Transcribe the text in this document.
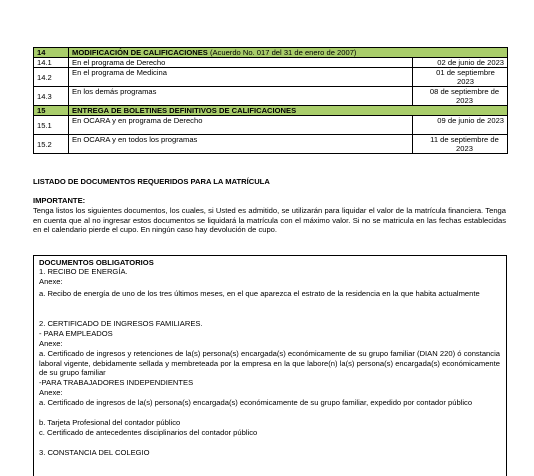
14	MODIFICACIÓN DE CALIFICACIONES (Acuerdo No. 017 del 31 de enero de 2007)	
14.1	En el programa de Derecho	02 de junio de 2023
14.2	En el programa de Medicina	01 de septiembre 2023
14.3	En los demás programas	08 de septiembre de 2023
15	ENTREGA DE BOLETINES DEFINITIVOS DE CALIFICACIONES	
15.1	En OCARA y en programa de Derecho	09 de junio de 2023
15.2	En OCARA y en todos los programas	11 de septiembre de 2023
LISTADO DE DOCUMENTOS REQUERIDOS PARA LA MATRÍCULA
IMPORTANTE:
Tenga listos los siguientes documentos, los cuales, si Usted es admitido, se utilizarán para liquidar el valor de la matrícula financiera. Tenga en cuenta que al no ingresar estos documentos se liquidará la matrícula con el máximo valor. Si no se matricula en las fechas establecidas en el calendario pierde el cupo. En ningún caso hay devolución de cupo.
DOCUMENTOS OBLIGATORIOS
1. RECIBO DE ENERGÍA.
Anexe:
a. Recibo de energía de uno de los tres últimos meses, en el que aparezca el estrato de la residencia en la que habita actualmente
2. CERTIFICADO DE INGRESOS FAMILIARES.
- PARA EMPLEADOS
Anexe:
a. Certificado de ingresos y retenciones de la(s) persona(s) encargada(s) económicamente de su grupo familiar (DIAN 220) ó constancia laboral vigente, debidamente sellada y membreteada por la empresa en la que labore(n) la(s) persona(s) encargada(s) económicamente de su grupo familiar
-PARA TRABAJADORES INDEPENDIENTES
Anexe:
a. Certificado de ingresos de la(s) persona(s) encargada(s) económicamente de su grupo familiar, expedido por contador público
b. Tarjeta Profesional del contador público
c. Certificado de antecedentes disciplinarios del contador público
3. CONSTANCIA DEL COLEGIO
